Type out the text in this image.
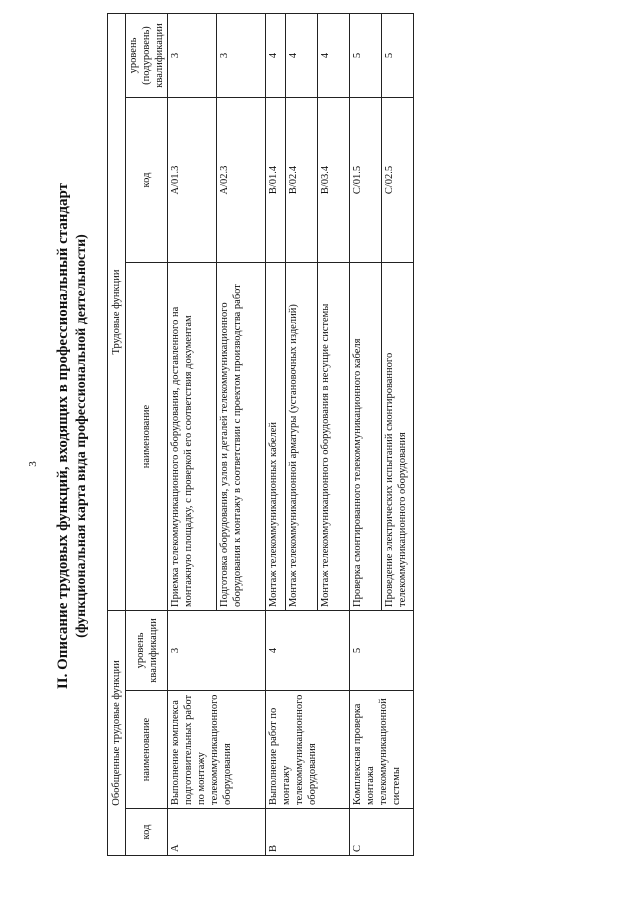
3 II. Описание трудовых функций, входящих в профессиональный стандарт (функциональная карта вида профессиональной деятельности)
Обобщенные трудовые функции			Трудовые функции		
код	наименование	уровень квалификации	наименование	код	уровень (подуровень) квалификации
A	Выполнение комплекса подготовительных работ по монтажу телекоммуникационного оборудования	3	Приемка телекоммуникационного оборудования, доставленного на монтажную площадку, с проверкой его соответствия документам	A/01.3	3
			Подготовка оборудования, узлов и деталей телекоммуникационного оборудования к монтажу в соответствии с проектом производства работ	A/02.3	3
B	Выполнение работ по монтажу телекоммуникационного оборудования	4	Монтаж телекоммуникационных кабелей	B/01.4	4
			Монтаж телекоммуникационной арматуры (установочных изделий)	B/02.4	4
			Монтаж телекоммуникационного оборудования в несущие системы	B/03.4	4
C	Комплексная проверка монтажа телекоммуникационной системы	5	Проверка смонтированного телекоммуникационного кабеля	C/01.5	5
			Проведение электрических испытаний смонтированного телекоммуникационного оборудования	C/02.5	5
